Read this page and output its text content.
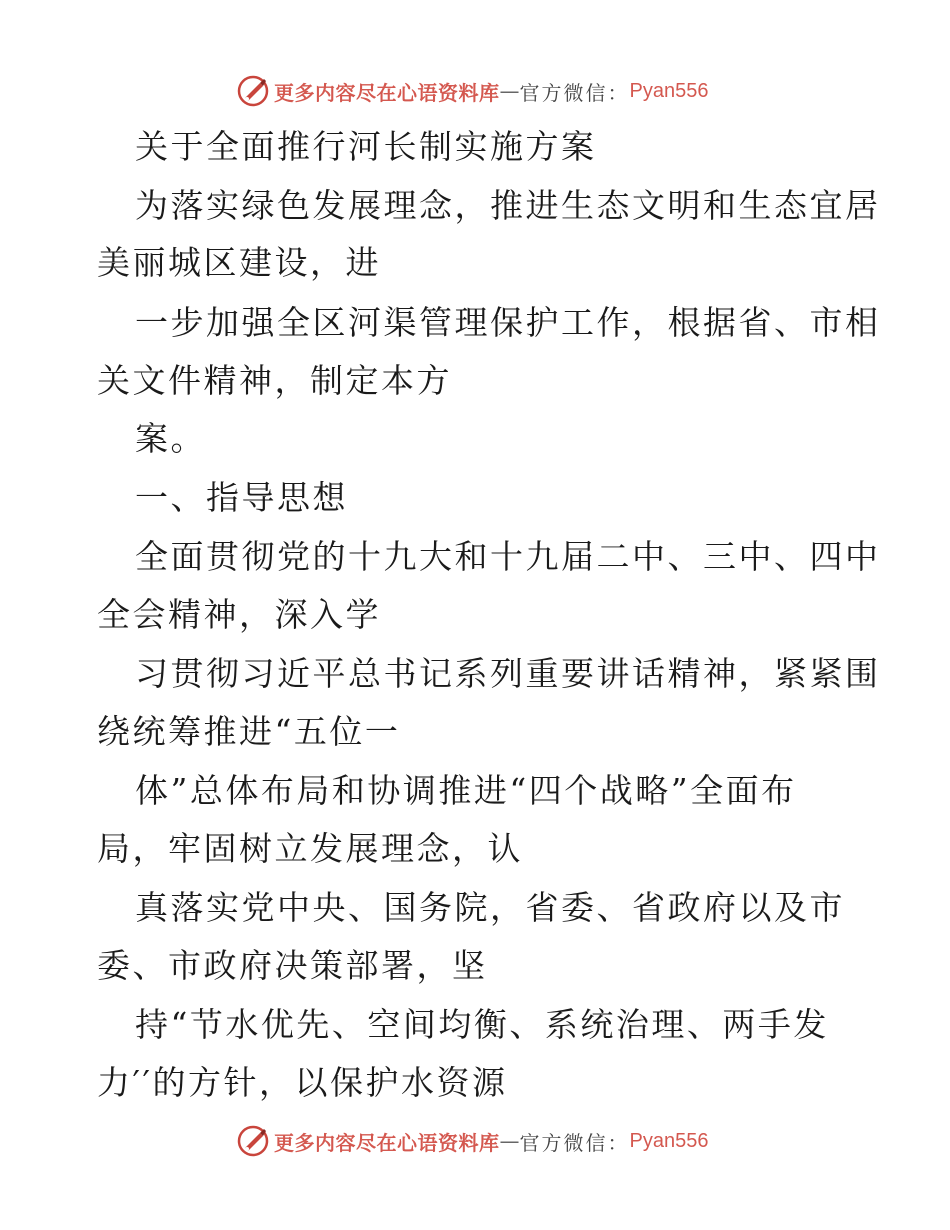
更多内容尽在心语资料库 — 官方微信： Pyan556
关于全面推行河长制实施方案
为落实绿色发展理念，推进生态文明和生态宜居
美丽城区建设，进
一步加强全区河渠管理保护工作，根据省、市相
关文件精神，制定本方
案。
一、指导思想
全面贯彻党的十九大和十九届二中、三中、四中
全会精神，深入学
习贯彻习近平总书记系列重要讲话精神，紧紧围
绕统筹推进“五位一
体”总体布局和协调推进“四个战略”全面布
局，牢固树立发展理念，认
真落实党中央、国务院，省委、省政府以及市
委、市政府决策部署，坚
持“节水优先、空间均衡、系统治理、两手发
力′′的方针，以保护水资源
更多内容尽在心语资料库 — 官方微信： Pyan556
